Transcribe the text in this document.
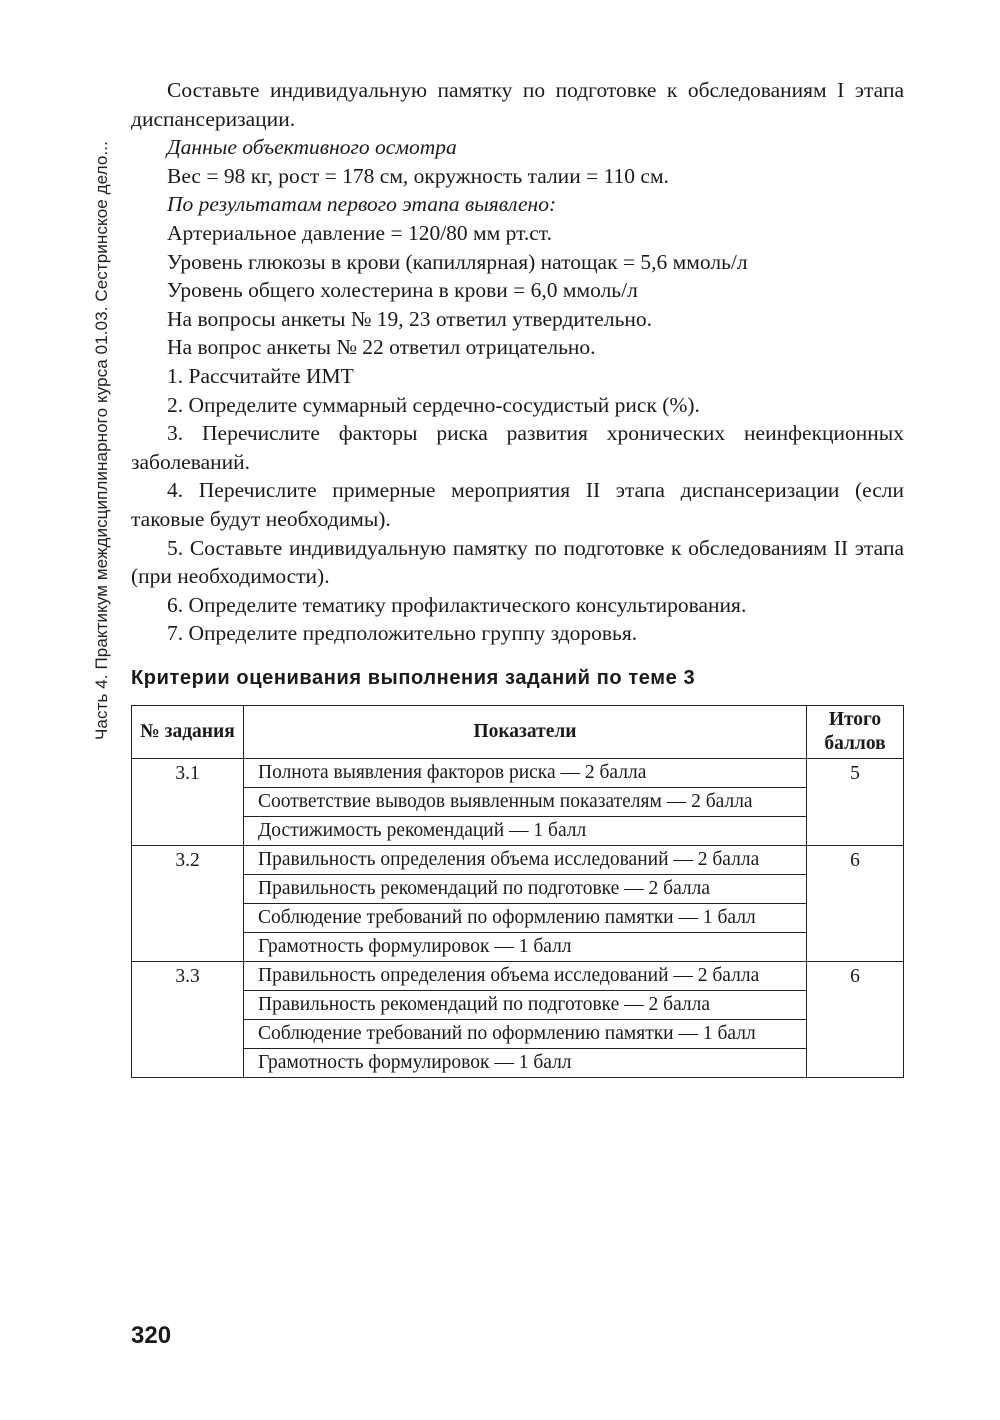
Часть 4. Практикум междисциплинарного курса 01.03. Сестринское дело...

Составьте индивидуальную памятку по подготовке к обследованиям I этапа диспансеризации.

Данные объективного осмотра

Вес = 98 кг, рост = 178 см, окружность талии = 110 см.

По результатам первого этапа выявлено:

Артериальное давление = 120/80 мм рт.ст.

Уровень глюкозы в крови (капиллярная) натощак = 5,6 ммоль/л

Уровень общего холестерина в крови = 6,0 ммоль/л

На вопросы анкеты № 19, 23 ответил утвердительно.

На вопрос анкеты № 22 ответил отрицательно.

1. Рассчитайте ИМТ

2. Определите суммарный сердечно-сосудистый риск (%).

3. Перечислите факторы риска развития хронических неинфекционных заболеваний.

4. Перечислите примерные мероприятия II этапа диспансеризации (если таковые будут необходимы).

5. Составьте индивидуальную памятку по подготовке к обследованиям II этапа (при необходимости).

6. Определите тематику профилактического консультирования.

7. Определите предположительно группу здоровья.

Критерии оценивания выполнения заданий по теме 3
№ задания	Показатели	Итого баллов
3.1	Полнота выявления факторов риска — 2 балла	5
	Соответствие выводов выявленным показателям — 2 балла	
	Достижимость рекомендаций — 1 балл	
3.2	Правильность определения объема исследований — 2 балла	6
	Правильность рекомендаций по подготовке — 2 балла	
	Соблюдение требований по оформлению памятки — 1 балл	
	Грамотность формулировок — 1 балл	
3.3	Правильность определения объема исследований — 2 балла	6
	Правильность рекомендаций по подготовке — 2 балла	
	Соблюдение требований по оформлению памятки — 1 балл	
	Грамотность формулировок — 1 балл	
320
